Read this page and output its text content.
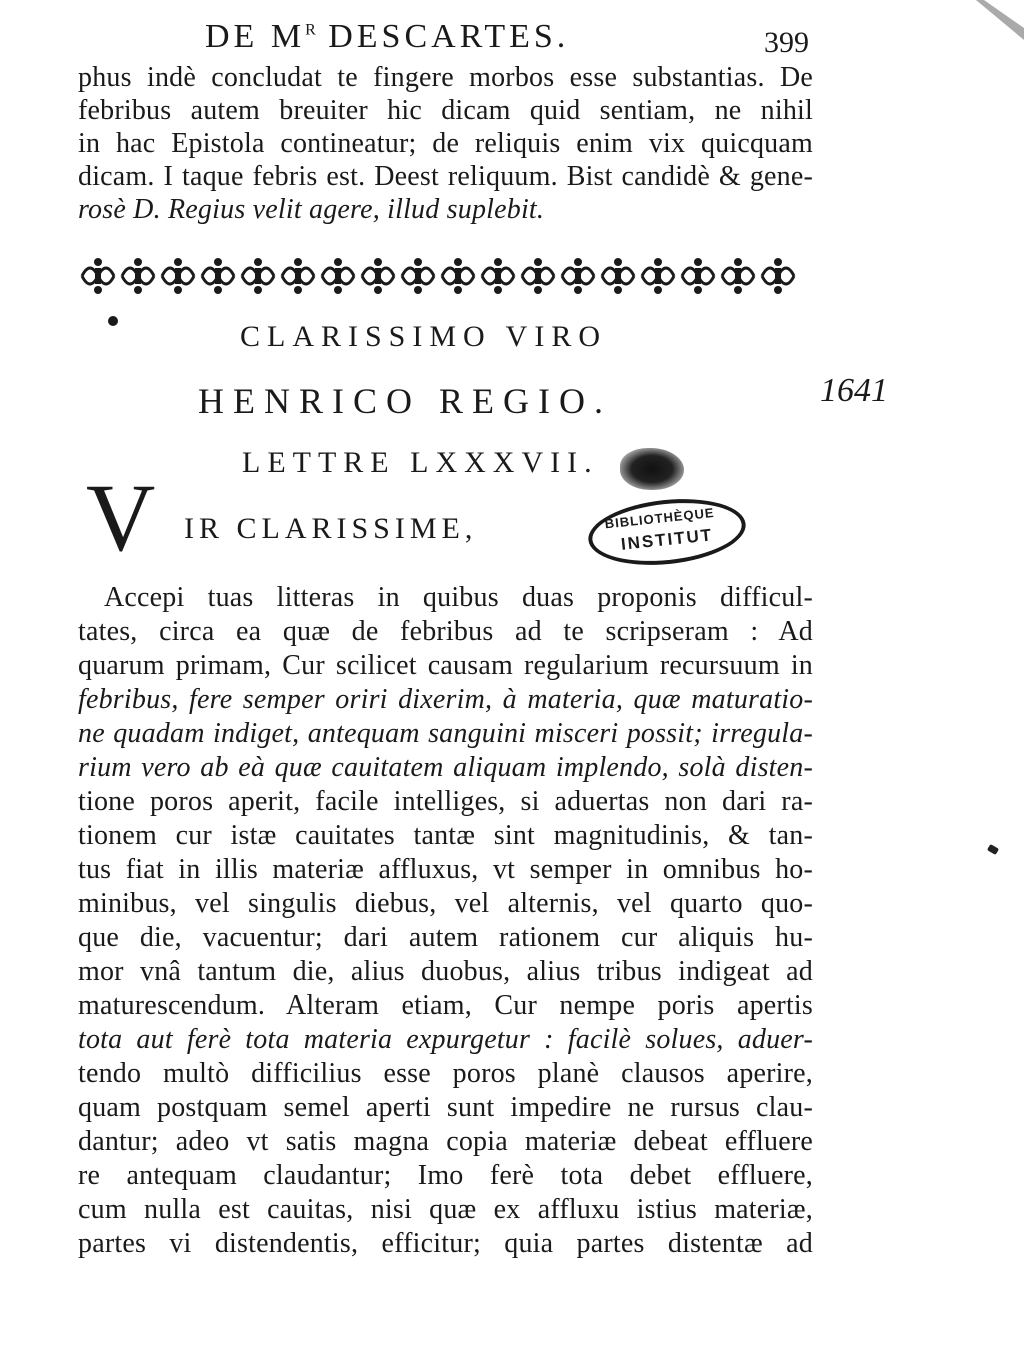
DE $M^R$ DESCARTES.	399
phus indè concludat te fingere morbos esse substantias. De
febribus autem breuiter hic dicam quid sentiam, ne nihil
in hac Epistola contineatur; de reliquis enim vix quicquam
dicam. I taque febris est. Deest reliquum. Bist candidè & gene-
rosè D. Regius velit agere, illud suplebit.
CLARISSIMO VIRO
HENRICO REGIO.
LETTRE LXXXVII.
1641
BIBLIOTHÈQUE
INSTITUT
V IR CLARISSIME,
Accepi tuas litteras in quibus duas proponis difficul-
tates, circa ea quæ de febribus ad te scripseram : Ad
quarum primam, Cur scilicet causam regularium recursuum in
febribus, fere semper oriri dixerim, à materia, quæ maturatio-
ne quadam indiget, antequam sanguini misceri possit; irregula-
rium vero ab eà quæ cauitatem aliquam implendo, solà disten-
tione poros aperit, facile intelliges, si aduertas non dari ra-
tionem cur istæ cauitates tantæ sint magnitudinis, & tan-
tus fiat in illis materiæ affluxus, vt semper in omnibus ho-
minibus, vel singulis diebus, vel alternis, vel quarto quo-
que die, vacuentur; dari autem rationem cur aliquis hu-
mor vnâ tantum die, alius duobus, alius tribus indigeat ad
maturescendum. Alteram etiam, Cur nempe poris apertis
tota aut ferè tota materia expurgetur : facilè solues, aduer-
tendo multò difficilius esse poros planè clausos aperire,
quam postquam semel aperti sunt impedire ne rursus clau-
dantur; adeo vt satis magna copia materiæ debeat effluere
re antequam claudantur; Imo ferè tota debet effluere,
cum nulla est cauitas, nisi quæ ex affluxu istius materiæ,
partes vi distendentis, efficitur; quia partes distentæ ad
